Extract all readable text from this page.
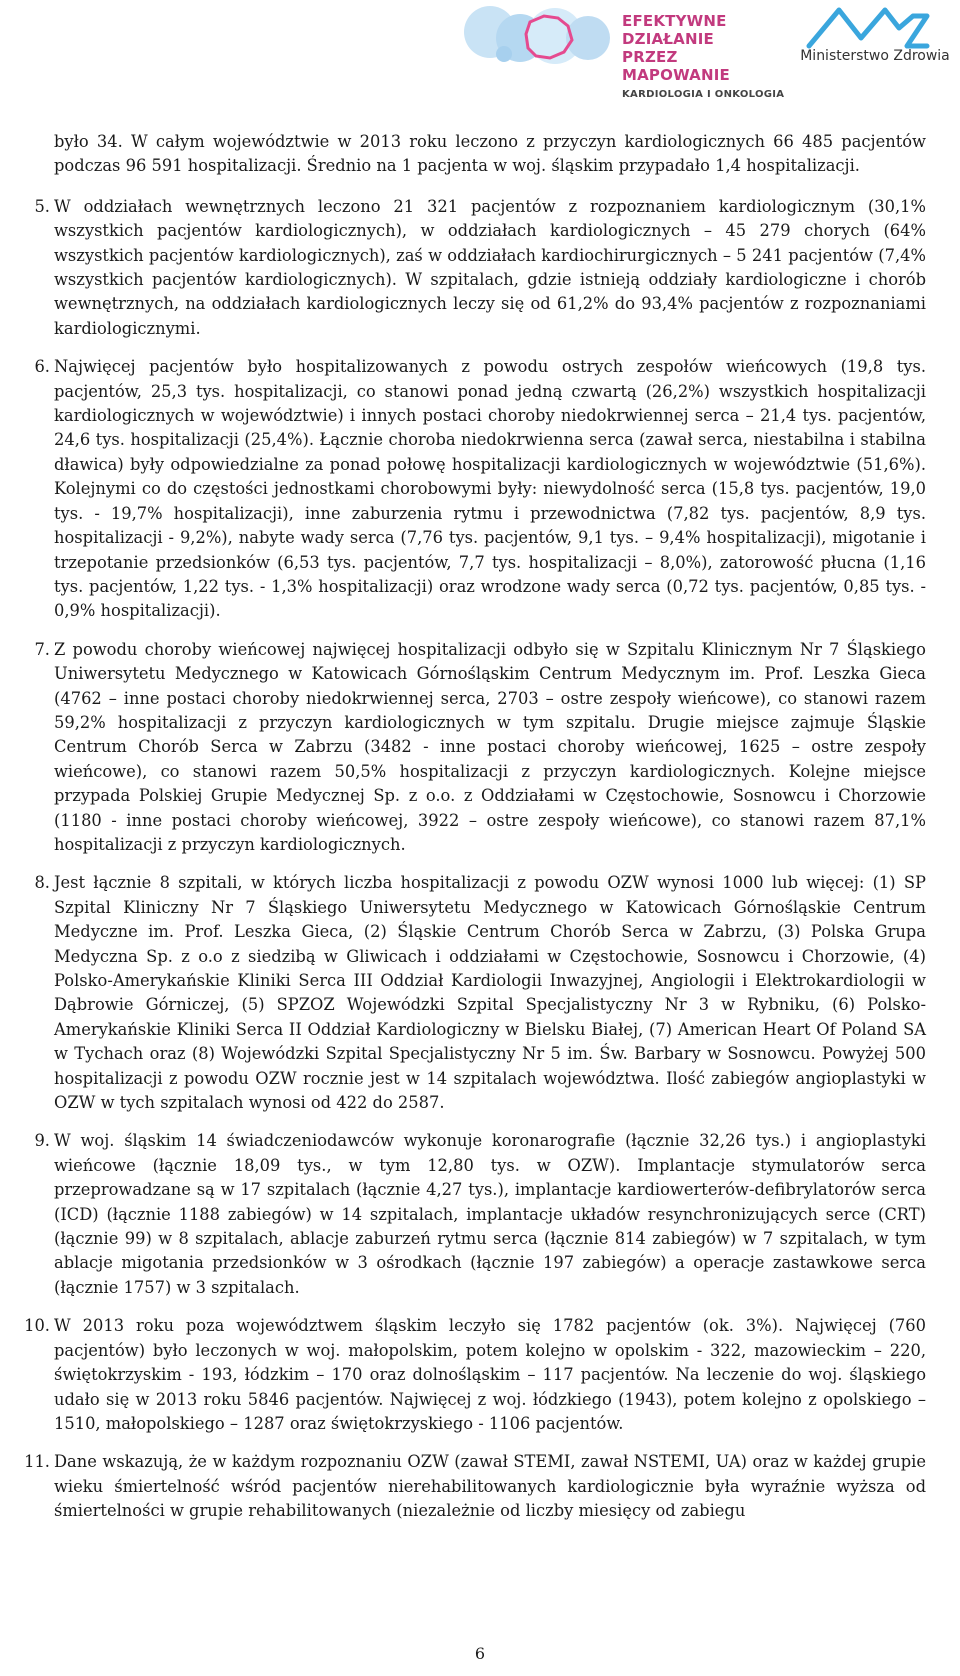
EFEKTYWNE DZIAŁANIE
PRZEZ MAPOWANIE
KARDIOLOGIA I ONKOLOGIA
Ministerstwo Zdrowia

było 34. W całym województwie w 2013 roku leczono z przyczyn kardiologicznych 66 485 pacjentów podczas 96 591 hospitalizacji. Średnio na 1 pacjenta w woj. śląskim przypadało 1,4 hospitalizacji.

5. W oddziałach wewnętrznych leczono 21 321 pacjentów z rozpoznaniem kardiologicznym (30,1% wszystkich pacjentów kardiologicznych), w oddziałach kardiologicznych – 45 279 chorych (64% wszystkich pacjentów kardiologicznych), zaś w oddziałach kardiochirurgicznych – 5 241 pacjentów (7,4% wszystkich pacjentów kardiologicznych). W szpitalach, gdzie istnieją oddziały kardiologiczne i chorób wewnętrznych, na oddziałach kardiologicznych leczy się od 61,2% do 93,4% pacjentów z rozpoznaniami kardiologicznymi.

6. Najwięcej pacjentów było hospitalizowanych z powodu ostrych zespołów wieńcowych (19,8 tys. pacjentów, 25,3 tys. hospitalizacji, co stanowi ponad jedną czwartą (26,2%) wszystkich hospitalizacji kardiologicznych w województwie) i innych postaci choroby niedokrwiennej serca – 21,4 tys. pacjentów, 24,6 tys. hospitalizacji (25,4%). Łącznie choroba niedokrwienna serca (zawał serca, niestabilna i stabilna dławica) były odpowiedzialne za ponad połowę hospitalizacji kardiologicznych w województwie (51,6%). Kolejnymi co do częstości jednostkami chorobowymi były: niewydolność serca (15,8 tys. pacjentów, 19,0 tys. - 19,7% hospitalizacji), inne zaburzenia rytmu i przewodnictwa (7,82 tys. pacjentów, 8,9 tys. hospitalizacji - 9,2%), nabyte wady serca (7,76 tys. pacjentów, 9,1 tys. – 9,4% hospitalizacji), migotanie i trzepotanie przedsionków (6,53 tys. pacjentów, 7,7 tys. hospitalizacji – 8,0%), zatorowość płucna (1,16 tys. pacjentów, 1,22 tys. - 1,3% hospitalizacji) oraz wrodzone wady serca (0,72 tys. pacjentów, 0,85 tys. - 0,9% hospitalizacji).

7. Z powodu choroby wieńcowej najwięcej hospitalizacji odbyło się w Szpitalu Klinicznym Nr 7 Śląskiego Uniwersytetu Medycznego w Katowicach Górnośląskim Centrum Medycznym im. Prof. Leszka Gieca (4762 – inne postaci choroby niedokrwiennej serca, 2703 – ostre zespoły wieńcowe), co stanowi razem 59,2% hospitalizacji z przyczyn kardiologicznych w tym szpitalu. Drugie miejsce zajmuje Śląskie Centrum Chorób Serca w Zabrzu (3482 - inne postaci choroby wieńcowej, 1625 – ostre zespoły wieńcowe), co stanowi razem 50,5% hospitalizacji z przyczyn kardiologicznych. Kolejne miejsce przypada Polskiej Grupie Medycznej Sp. z o.o. z Oddziałami w Częstochowie, Sosnowcu i Chorzowie (1180 - inne postaci choroby wieńcowej, 3922 – ostre zespoły wieńcowe), co stanowi razem 87,1% hospitalizacji z przyczyn kardiologicznych.

8. Jest łącznie 8 szpitali, w których liczba hospitalizacji z powodu OZW wynosi 1000 lub więcej: (1) SP Szpital Kliniczny Nr 7 Śląskiego Uniwersytetu Medycznego w Katowicach Górnośląskie Centrum Medyczne im. Prof. Leszka Gieca, (2) Śląskie Centrum Chorób Serca w Zabrzu, (3) Polska Grupa Medyczna Sp. z o.o z siedzibą w Gliwicach i oddziałami w Częstochowie, Sosnowcu i Chorzowie, (4) Polsko-Amerykańskie Kliniki Serca III Oddział Kardiologii Inwazyjnej, Angiologii i Elektrokardiologii w Dąbrowie Górniczej, (5) SPZOZ Wojewódzki Szpital Specjalistyczny Nr 3 w Rybniku, (6) Polsko-Amerykańskie Kliniki Serca II Oddział Kardiologiczny w Bielsku Białej, (7) American Heart Of Poland SA w Tychach oraz (8) Wojewódzki Szpital Specjalistyczny Nr 5 im. Św. Barbary w Sosnowcu. Powyżej 500 hospitalizacji z powodu OZW rocznie jest w 14 szpitalach województwa. Ilość zabiegów angioplastyki w OZW w tych szpitalach wynosi od 422 do 2587.

9. W woj. śląskim 14 świadczeniodawców wykonuje koronarografie (łącznie 32,26 tys.) i angioplastyki wieńcowe (łącznie 18,09 tys., w tym 12,80 tys. w OZW). Implantacje stymulatorów serca przeprowadzane są w 17 szpitalach (łącznie 4,27 tys.), implantacje kardiowerterów-defibrylatorów serca (ICD) (łącznie 1188 zabiegów) w 14 szpitalach, implantacje układów resynchronizujących serce (CRT) (łącznie 99) w 8 szpitalach, ablacje zaburzeń rytmu serca (łącznie 814 zabiegów) w 7 szpitalach, w tym ablacje migotania przedsionków w 3 ośrodkach (łącznie 197 zabiegów) a operacje zastawkowe serca (łącznie 1757) w 3 szpitalach.

10. W 2013 roku poza województwem śląskim leczyło się 1782 pacjentów (ok. 3%). Najwięcej (760 pacjentów) było leczonych w woj. małopolskim, potem kolejno w opolskim - 322, mazowieckim – 220, świętokrzyskim - 193, łódzkim – 170 oraz dolnośląskim – 117 pacjentów. Na leczenie do woj. śląskiego udało się w 2013 roku 5846 pacjentów. Najwięcej z woj. łódzkiego (1943), potem kolejno z opolskiego – 1510, małopolskiego – 1287 oraz świętokrzyskiego - 1106 pacjentów.

11. Dane wskazują, że w każdym rozpoznaniu OZW (zawał STEMI, zawał NSTEMI, UA) oraz w każdej grupie wieku śmiertelność wśród pacjentów nierehabilitowanych kardiologicznie była wyraźnie wyższa od śmiertelności w grupie rehabilitowanych (niezależnie od liczby miesięcy od zabiegu

6
